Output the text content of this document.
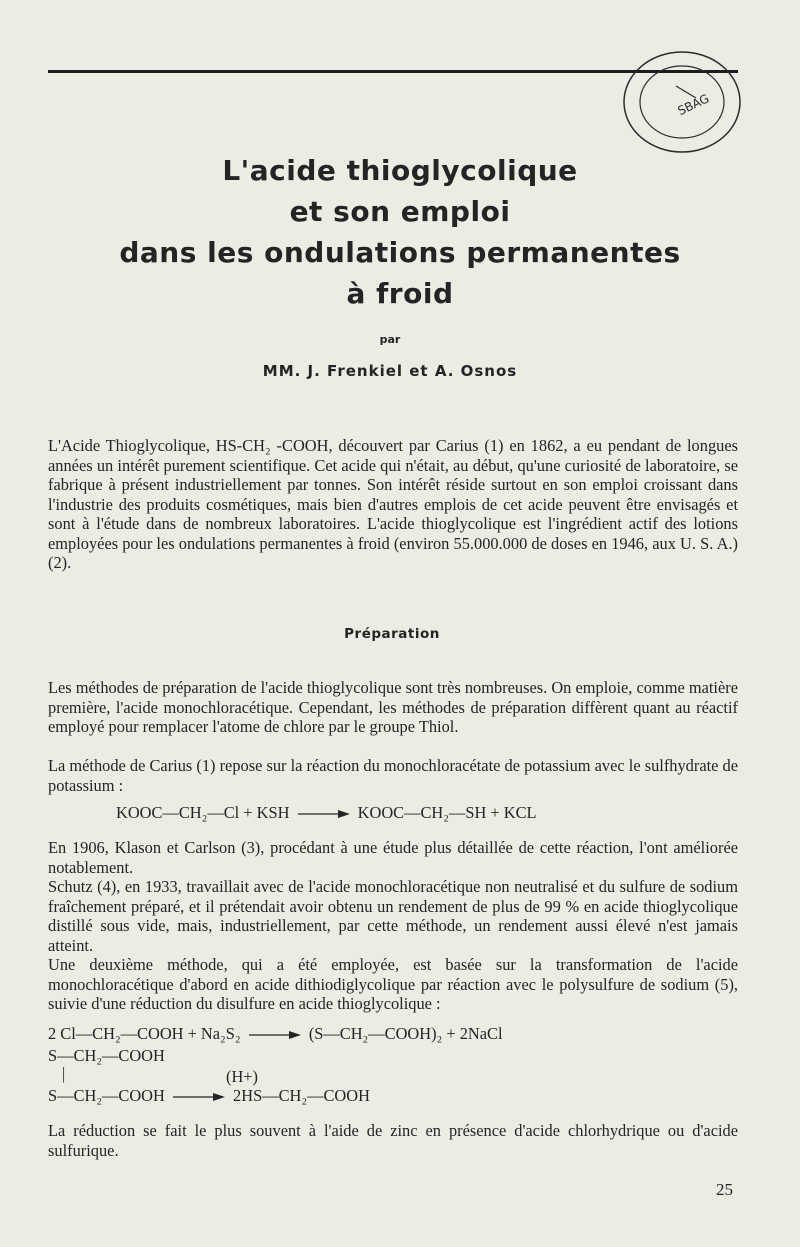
SBAG
L'acide thioglycolique
et son emploi
dans les ondulations permanentes
à froid
par
MM. J. Frenkiel et A. Osnos

L'Acide Thioglycolique, HS-CH₂ -COOH, découvert par Carius (1) en 1862, a eu pendant de longues années un intérêt purement scientifique. Cet acide qui n'était, au début, qu'une curiosité de laboratoire, se fabrique à présent industriellement par tonnes. Son intérêt réside surtout en son emploi croissant dans l'industrie des produits cosmétiques, mais bien d'autres emplois de cet acide peuvent être envisagés et sont à l'étude dans de nombreux laboratoires. L'acide thioglycolique est l'ingrédient actif des lotions employées pour les ondulations permanentes à froid (environ 55.000.000 de doses en 1946, aux U. S. A.) (2).

Préparation

Les méthodes de préparation de l'acide thioglycolique sont très nombreuses. On emploie, comme matière première, l'acide monochloracétique. Cependant, les méthodes de préparation diffèrent quant au réactif employé pour remplacer l'atome de chlore par le groupe Thiol.

La méthode de Carius (1) repose sur la réaction du monochloracétate de potassium avec le sulfhydrate de potassium :

KOOC—CH₂—Cl + KSH → KOOC—CH₂—SH + KCL

En 1906, Klason et Carlson (3), procédant à une étude plus détaillée de cette réaction, l'ont améliorée notablement.

Schutz (4), en 1933, travaillait avec de l'acide monochloracétique non neutralisé et du sulfure de sodium fraîchement préparé, et il prétendait avoir obtenu un rendement de plus de 99 % en acide thioglycolique distillé sous vide, mais, industriellement, par cette méthode, un rendement aussi élevé n'est jamais atteint.

Une deuxième méthode, qui a été employée, est basée sur la transformation de l'acide monochloracétique d'abord en acide dithiodiglycolique par réaction avec le polysulfure de sodium (5), suivie d'une réduction du disulfure en acide thioglycolique :

2 Cl—CH₂—COOH + Na₂S₂ → (S—CH₂—COOH)₂ + 2NaCl
S—CH₂—COOH
|	(H+)
S—CH₂—COOH → 2HS—CH₂—COOH

La réduction se fait le plus souvent à l'aide de zinc en présence d'acide chlorhydrique ou d'acide sulfurique.

25
